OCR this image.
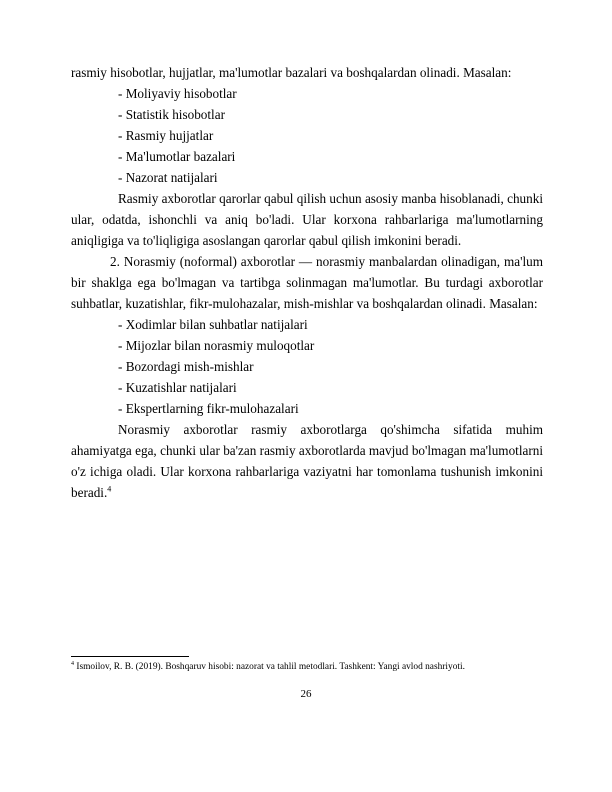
rasmiy hisobotlar, hujjatlar, ma'lumotlar bazalari va boshqalardan olinadi. Masalan:

- Moliyaviy hisobotlar

- Statistik hisobotlar

- Rasmiy hujjatlar

- Ma'lumotlar bazalari

- Nazorat natijalari

Rasmiy axborotlar qarorlar qabul qilish uchun asosiy manba hisoblanadi, chunki ular, odatda, ishonchli va aniq bo'ladi. Ular korxona rahbarlariga ma'lumotlarning aniqligiga va to'liqligiga asoslangan qarorlar qabul qilish imkonini beradi.

2. Norasmiy (noformal) axborotlar — norasmiy manbalardan olinadigan, ma'lum bir shaklga ega bo'lmagan va tartibga solinmagan ma'lumotlar. Bu turdagi axborotlar suhbatlar, kuzatishlar, fikr-mulohazalar, mish-mishlar va boshqalardan olinadi. Masalan:

- Xodimlar bilan suhbatlar natijalari

- Mijozlar bilan norasmiy muloqotlar

- Bozordagi mish-mishlar

- Kuzatishlar natijalari

- Ekspertlarning fikr-mulohazalari

Norasmiy axborotlar rasmiy axborotlarga qo'shimcha sifatida muhim ahamiyatga ega, chunki ular ba'zan rasmiy axborotlarda mavjud bo'lmagan ma'lumotlarni o'z ichiga oladi. Ular korxona rahbarlariga vaziyatni har tomonlama tushunish imkonini beradi.$^4$

$^4$ Ismoilov, R. B. (2019). Boshqaruv hisobi: nazorat va tahlil metodlari. Tashkent: Yangi avlod nashriyoti.
26
